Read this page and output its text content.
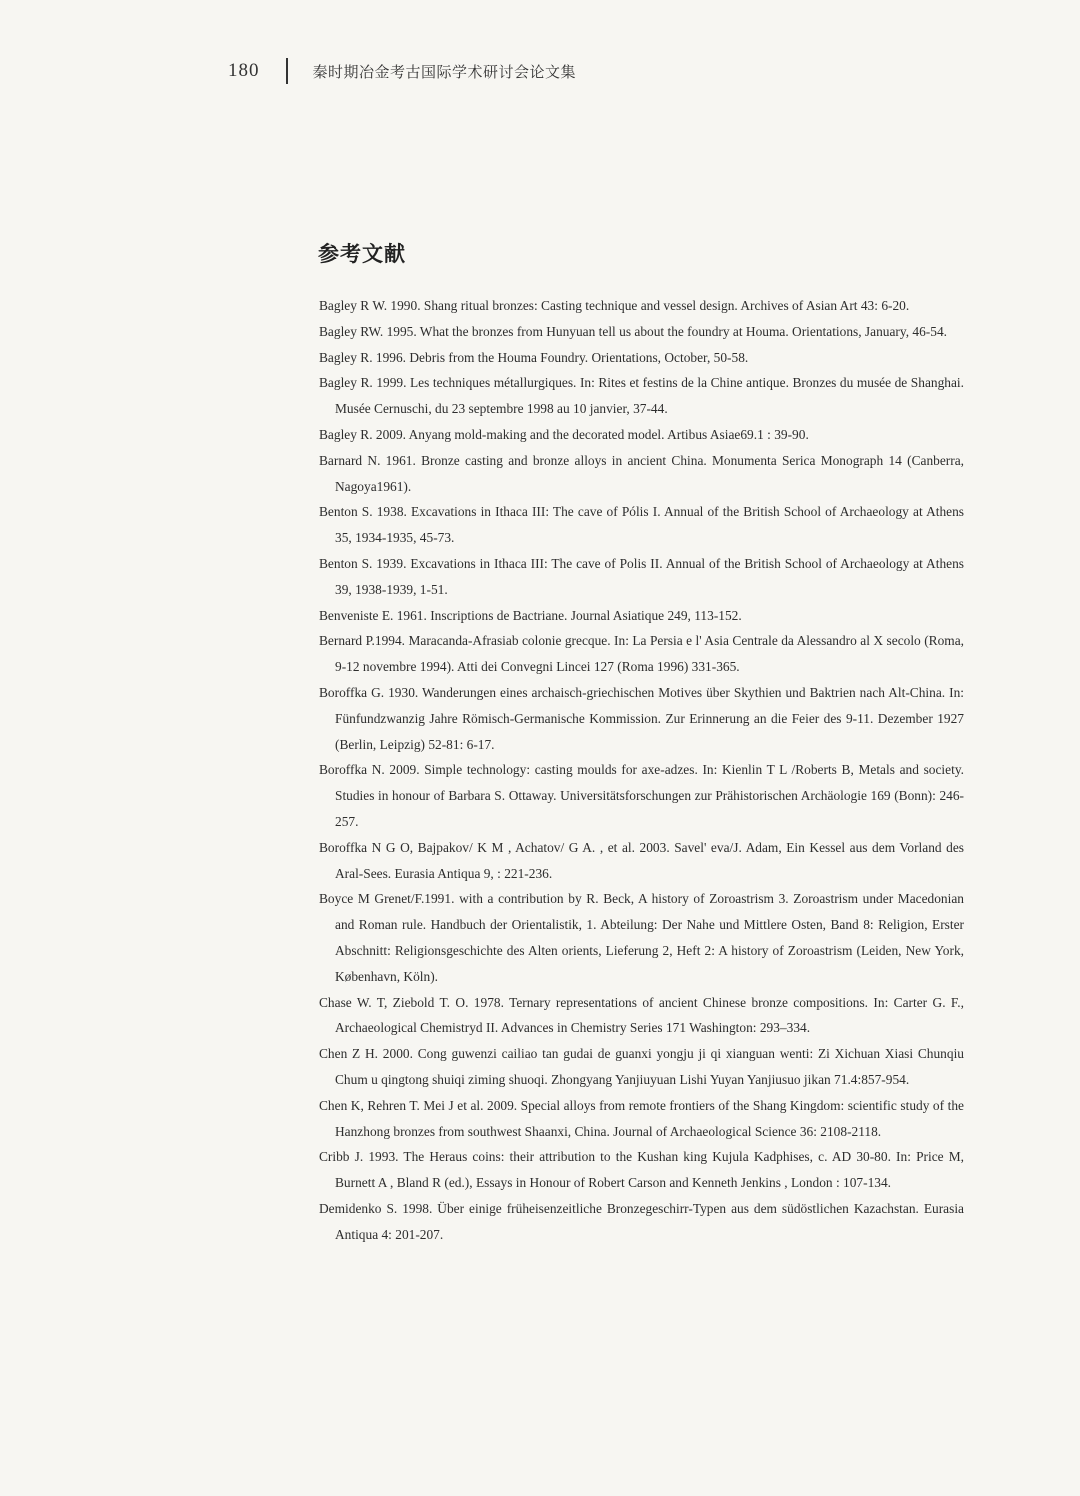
180	秦时期冶金考古国际学术研讨会论文集
参考文献
Bagley R W. 1990. Shang ritual bronzes: Casting technique and vessel design. Archives of Asian Art 43: 6-20.
Bagley RW. 1995. What the bronzes from Hunyuan tell us about the foundry at Houma. Orientations, January, 46-54.
Bagley R. 1996. Debris from the Houma Foundry. Orientations, October, 50-58.
Bagley R. 1999. Les techniques métallurgiques. In: Rites et festins de la Chine antique. Bronzes du musée de Shanghai. Musée Cernuschi, du 23 septembre 1998 au 10 janvier, 37-44.
Bagley R. 2009. Anyang mold-making and the decorated model. Artibus Asiae69.1 : 39-90.
Barnard N. 1961. Bronze casting and bronze alloys in ancient China. Monumenta Serica Monograph 14 (Canberra, Nagoya1961).
Benton S. 1938. Excavations in Ithaca III: The cave of Pólis I. Annual of the British School of Archaeology at Athens 35, 1934-1935, 45-73.
Benton S. 1939. Excavations in Ithaca III: The cave of Polis II. Annual of the British School of Archaeology at Athens 39, 1938-1939, 1-51.
Benveniste E. 1961. Inscriptions de Bactriane. Journal Asiatique 249, 113-152.
Bernard P.1994. Maracanda-Afrasiab colonie grecque. In: La Persia e l' Asia Centrale da Alessandro al X secolo (Roma, 9-12 novembre 1994). Atti dei Convegni Lincei 127 (Roma 1996) 331-365.
Boroffka G. 1930. Wanderungen eines archaisch-griechischen Motives über Skythien und Baktrien nach Alt-China. In: Fünfundzwanzig Jahre Römisch-Germanische Kommission. Zur Erinnerung an die Feier des 9-11. Dezember 1927 (Berlin, Leipzig) 52-81: 6-17.
Boroffka N. 2009. Simple technology: casting moulds for axe-adzes. In: Kienlin T L /Roberts B, Metals and society. Studies in honour of Barbara S. Ottaway. Universitätsforschungen zur Prähistorischen Archäologie 169 (Bonn): 246-257.
Boroffka N G O, Bajpakov/ K M , Achatov/ G A. , et al. 2003. Savel' eva/J. Adam, Ein Kessel aus dem Vorland des Aral-Sees. Eurasia Antiqua 9, : 221-236.
Boyce M Grenet/F.1991. with a contribution by R. Beck, A history of Zoroastrism 3. Zoroastrism under Macedonian and Roman rule. Handbuch der Orientalistik, 1. Abteilung: Der Nahe und Mittlere Osten, Band 8: Religion, Erster Abschnitt: Religionsgeschichte des Alten orients, Lieferung 2, Heft 2: A history of Zoroastrism (Leiden, New York, København, Köln).
Chase W. T, Ziebold T. O. 1978. Ternary representations of ancient Chinese bronze compositions. In: Carter G. F., Archaeological Chemistryd II. Advances in Chemistry Series 171 Washington: 293–334.
Chen Z H. 2000. Cong guwenzi cailiao tan gudai de guanxi yongju ji qi xianguan wenti: Zi Xichuan Xiasi Chunqiu Chum u qingtong shuiqi ziming shuoqi. Zhongyang Yanjiuyuan Lishi Yuyan Yanjiusuo jikan 71.4:857-954.
Chen K, Rehren T. Mei J et al. 2009. Special alloys from remote frontiers of the Shang Kingdom: scientific study of the Hanzhong bronzes from southwest Shaanxi, China. Journal of Archaeological Science 36: 2108-2118.
Cribb J. 1993. The Heraus coins: their attribution to the Kushan king Kujula Kadphises, c. AD 30-80. In: Price M, Burnett A , Bland R (ed.), Essays in Honour of Robert Carson and Kenneth Jenkins , London : 107-134.
Demidenko S. 1998. Über einige früheisenzeitliche Bronzegeschirr-Typen aus dem südöstlichen Kazachstan. Eurasia Antiqua 4: 201-207.
